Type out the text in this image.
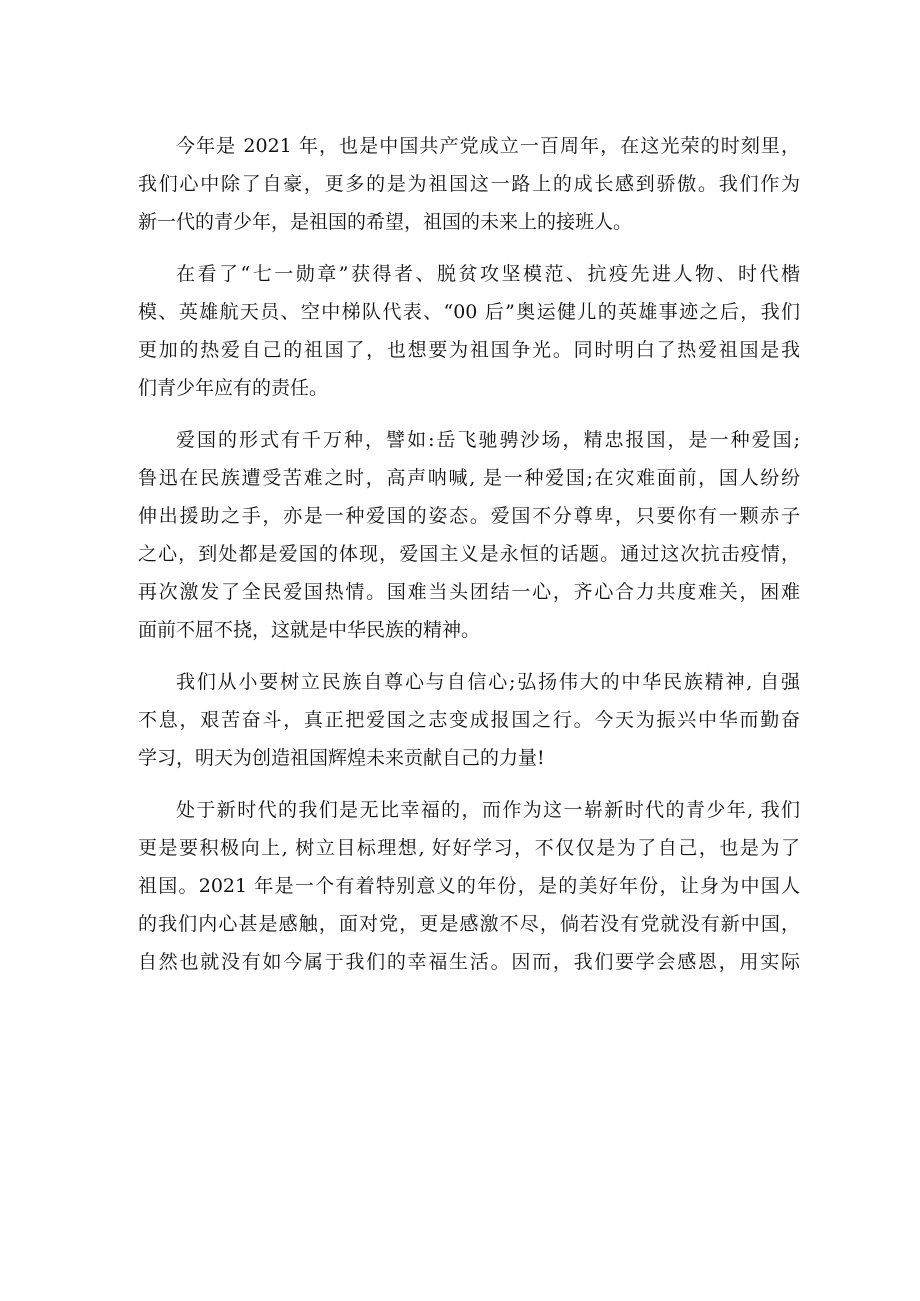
今年是 2021 年，也是中国共产党成立一百周年，在这光荣的时刻里，
我们心中除了自豪，更多的是为祖国这一路上的成长感到骄傲。我们作为
新一代的青少年，是祖国的希望，祖国的未来上的接班人。
在看了“七一勋章”获得者、脱贫攻坚模范、抗疫先进人物、时代楷
模、英雄航天员、空中梯队代表、“00 后”奥运健儿的英雄事迹之后，我们
更加的热爱自己的祖国了，也想要为祖国争光。同时明白了热爱祖国是我
们青少年应有的责任。
爱国的形式有千万种，譬如:岳飞驰骋沙场，精忠报国，是一种爱国;
鲁迅在民族遭受苦难之时，高声呐喊, 是一种爱国;在灾难面前，国人纷纷
伸出援助之手，亦是一种爱国的姿态。爱国不分尊卑，只要你有一颗赤子
之心，到处都是爱国的体现，爱国主义是永恒的话题。通过这次抗击疫情，
再次激发了全民爱国热情。国难当头团结一心，齐心合力共度难关，困难
面前不屈不挠，这就是中华民族的精神。
我们从小要树立民族自尊心与自信心;弘扬伟大的中华民族精神, 自强
不息，艰苦奋斗，真正把爱国之志变成报国之行。今天为振兴中华而勤奋
学习，明天为创造祖国辉煌未来贡献自己的力量!
处于新时代的我们是无比幸福的，而作为这一崭新时代的青少年, 我们
更是要积极向上, 树立目标理想, 好好学习，不仅仅是为了自己，也是为了
祖国。2021 年是一个有着特别意义的年份，是的美好年份，让身为中国人
的我们内心甚是感触，面对党，更是感激不尽，倘若没有党就没有新中国，
自然也就没有如今属于我们的幸福生活。因而，我们要学会感恩，用实际
